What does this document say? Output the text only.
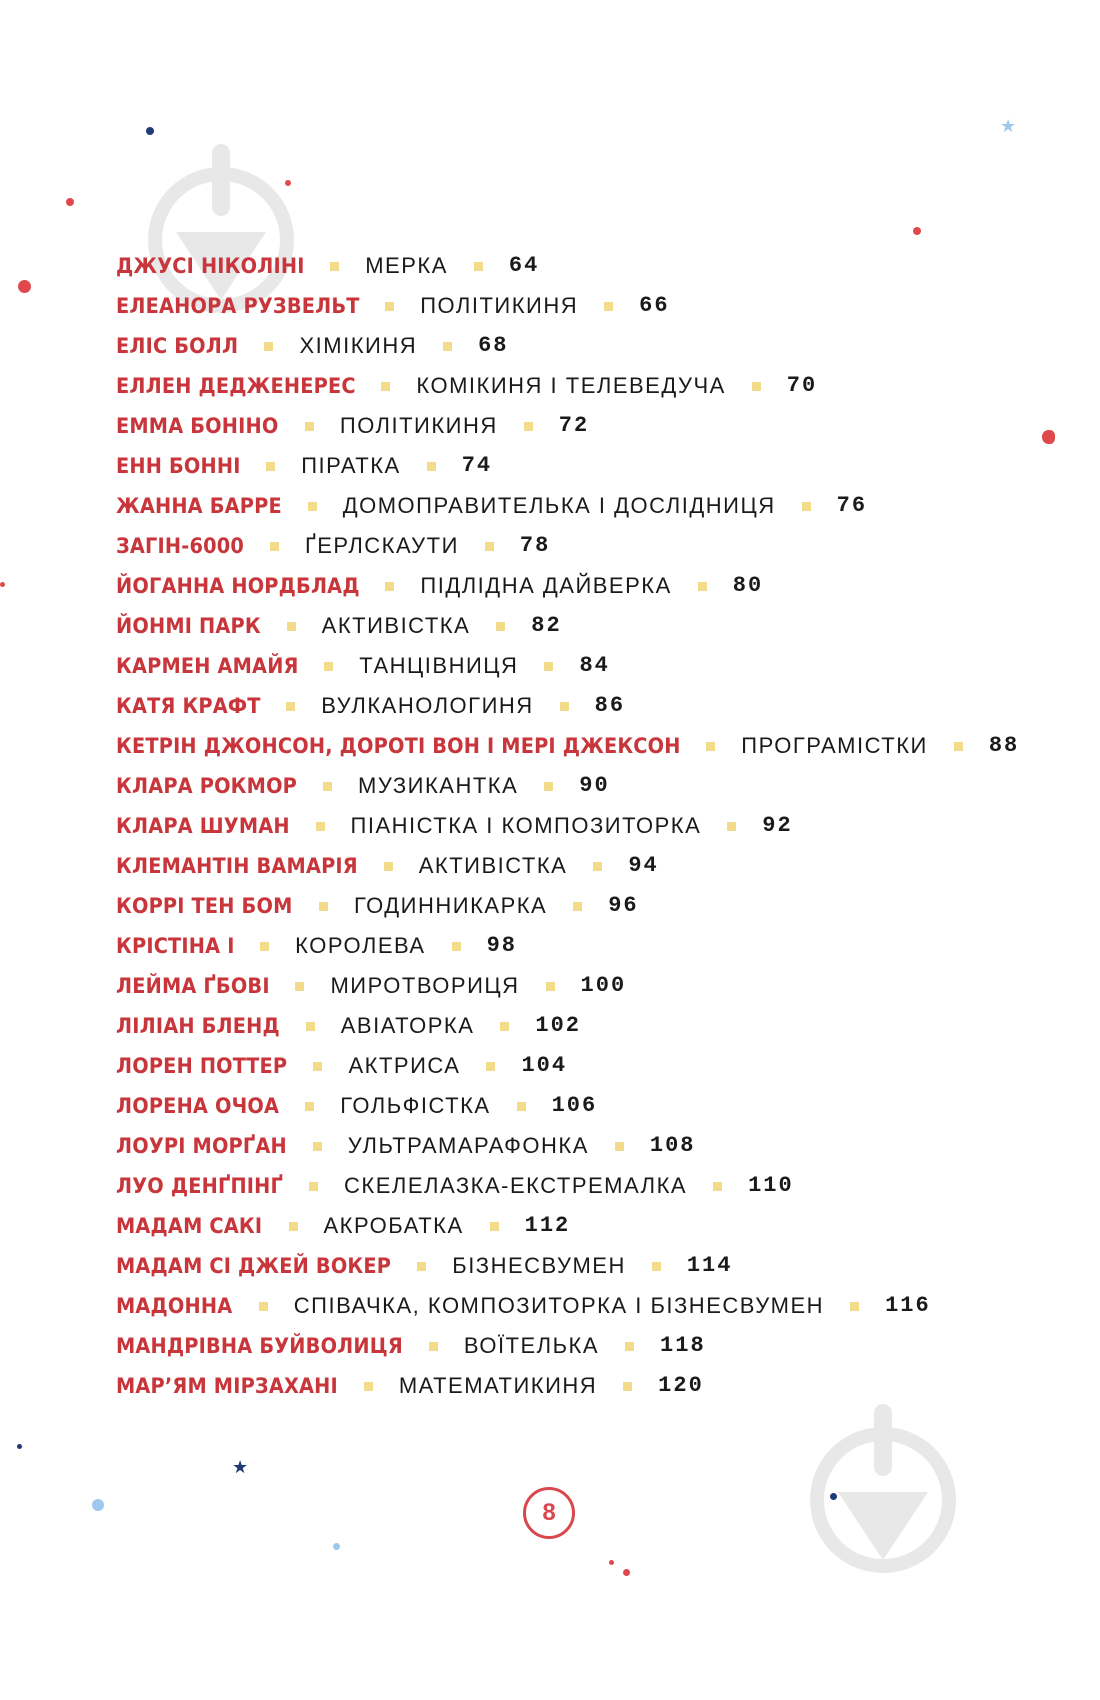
★
★
ДЖУСІ НІКОЛІНІ	МЕРКА	64
ЕЛЕАНОРА РУЗВЕЛЬТ	ПОЛІТИКИНЯ	66
ЕЛІС БОЛЛ	ХІМІКИНЯ	68
ЕЛЛЕН ДЕДЖЕНЕРЕС	КОМІКИНЯ І ТЕЛЕВЕДУЧА	70
ЕММА БОНІНО	ПОЛІТИКИНЯ	72
ЕНН БОННІ	ПІРАТКА	74
ЖАННА БАРРЕ	ДОМОПРАВИТЕЛЬКА І ДОСЛІДНИЦЯ	76
ЗАГІН-6000	ҐЕРЛСКАУТИ	78
ЙОГАННА НОРДБЛАД	ПІДЛІДНА ДАЙВЕРКА	80
ЙОНМІ ПАРК	АКТИВІСТКА	82
КАРМЕН АМАЙЯ	ТАНЦІВНИЦЯ	84
КАТЯ КРАФТ	ВУЛКАНОЛОГИНЯ	86
КЕТРІН ДЖОНСОН, ДОРОТІ ВОН І МЕРІ ДЖЕКСОН	ПРОГРАМІСТКИ	88
КЛАРА РОКМОР	МУЗИКАНТКА	90
КЛАРА ШУМАН	ПІАНІСТКА І КОМПОЗИТОРКА	92
КЛЕМАНТІН ВАМАРІЯ	АКТИВІСТКА	94
КОРРІ ТЕН БОМ	ГОДИННИКАРКА	96
КРІСТІНА I	КОРОЛЕВА	98
ЛЕЙМА ҐБОВІ	МИРОТВОРИЦЯ	100
ЛІЛІАН БЛЕНД	АВІАТОРКА	102
ЛОРЕН ПОТТЕР	АКТРИСА	104
ЛОРЕНА ОЧОА	ГОЛЬФІСТКА	106
ЛОУРІ МОРҐАН	УЛЬТРАМАРАФОНКА	108
ЛУО ДЕНҐПІНҐ	СКЕЛЕЛАЗКА-ЕКСТРЕМАЛКА	110
МАДАМ САКІ	АКРОБАТКА	112
МАДАМ СІ ДЖЕЙ ВОКЕР	БІЗНЕСВУМЕН	114
МАДОННА	СПІВАЧКА, КОМПОЗИТОРКА І БІЗНЕСВУМЕН	116
МАНДРІВНА БУЙВОЛИЦЯ	ВОЇТЕЛЬКА	118
МАР’ЯМ МІРЗАХАНІ	МАТЕМАТИКИНЯ	120
8
